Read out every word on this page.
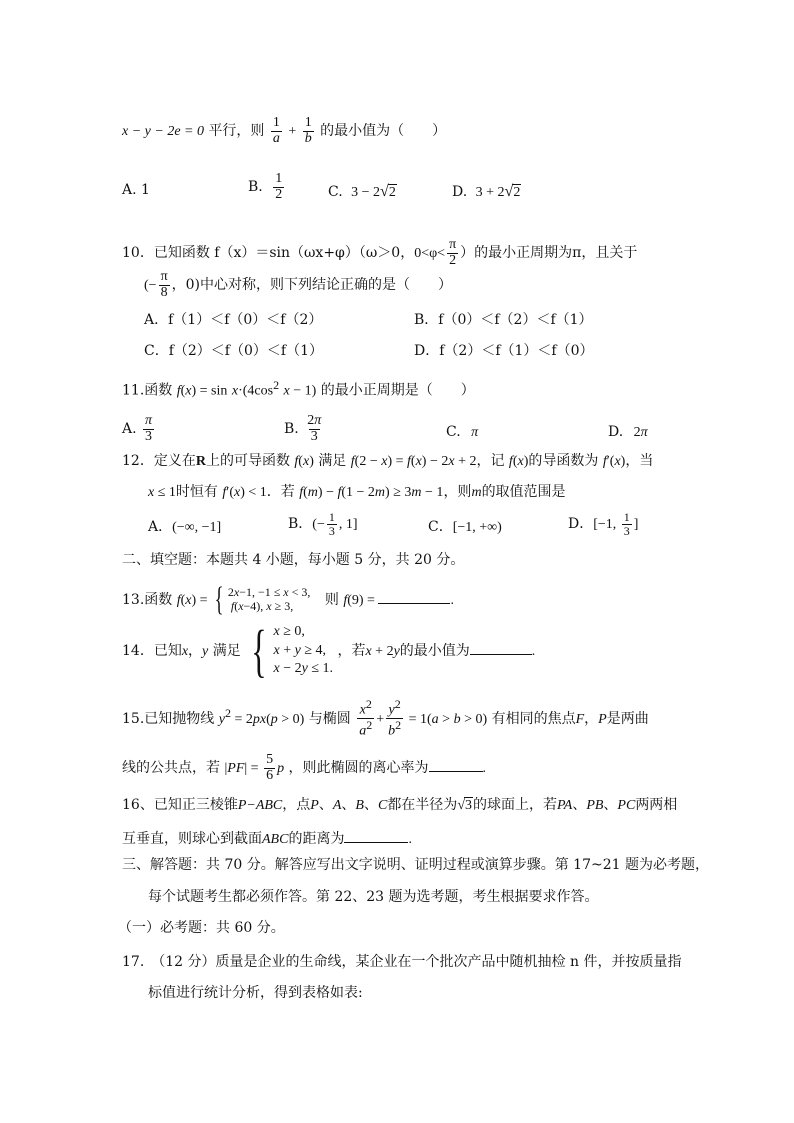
x − y − 2e = 0 平行，则 $\frac{1}{a} + \frac{1}{b}$ 的最小值为（　　）
A. 1	B. $\frac{1}{2}$	C. 3 − 2√2	D. 3 + 2√2
10．已知函数 f（x）＝sin（ωx+φ）（ω＞0，$0<\varphi< \frac{\pi}{2}$ ）的最小正周期为π，且关于
(− $\frac{\pi}{8}$ ，0)中心对称，则下列结论正确的是（　　）
A．f（1）＜f（0）＜f（2）	B．f（0）＜f（2）＜f（1）
C．f（2）＜f（0）＜f（1）	D．f（2）＜f（1）＜f（0）
11.函数 $f(x) = \sin x\cdot(4\cos^2$ x − 1) 的最小正周期是（　　）
A. $\frac{\pi}{3}$	B. $\frac{2\pi}{3}$	C. π	D. 2π
12．定义在R上的可导函数 f(x) 满足 f(2 − x) = f(x) − 2x + 2，记 f(x)的导函数为 f′(x)，当
x ≤ 1时恒有 f′(x) < 1．若 f(m) − f(1 − 2m) ≥ 3m − 1，则m的取值范围是
A．(−∞, −1]	B．(− $\frac{1}{3}$ , 1]	C．[−1, +∞)	D．[−1, $\frac{1}{3}$ ]
二、填空题：本题共 4 小题，每小题 5 分，共 20 分。
13.函数 f(x) = { 2x−1, −1 ≤ x < 3,
f(x−4), x ≥ 3,	则 f(9) =	.
14．已知x，y 满足 { x ≥ 0,
x + y ≥ 4,
x − 2y ≤ 1.
，若x + 2y的最小值为	.
15.已知抛物线 $y^2 = 2px(p > 0)$ 与椭圆 $\frac{x^2}{a^2} + \frac{y^2}{b^2} = 1(a > b > 0)$ 有相同的焦点F，P是两曲
线的公共点，若 $|PF| = \frac{5}{6}$ p ，则此椭圆的离心率为	.
16、已知正三棱锥P−ABC，点P、A、B、C都在半径为√3的球面上，若PA、PB、PC两两相
互垂直，则球心到截面ABC的距离为	.
三、解答题：共 70 分。解答应写出文字说明、证明过程或演算步骤。第 17~21 题为必考题，
每个试题考生都必须作答。第 22、23 题为选考题，考生根据要求作答。
（一）必考题：共 60 分。
17.　（12 分）质量是企业的生命线，某企业在一个批次产品中随机抽检 n 件，并按质量指
标值进行统计分析，得到表格如表:
